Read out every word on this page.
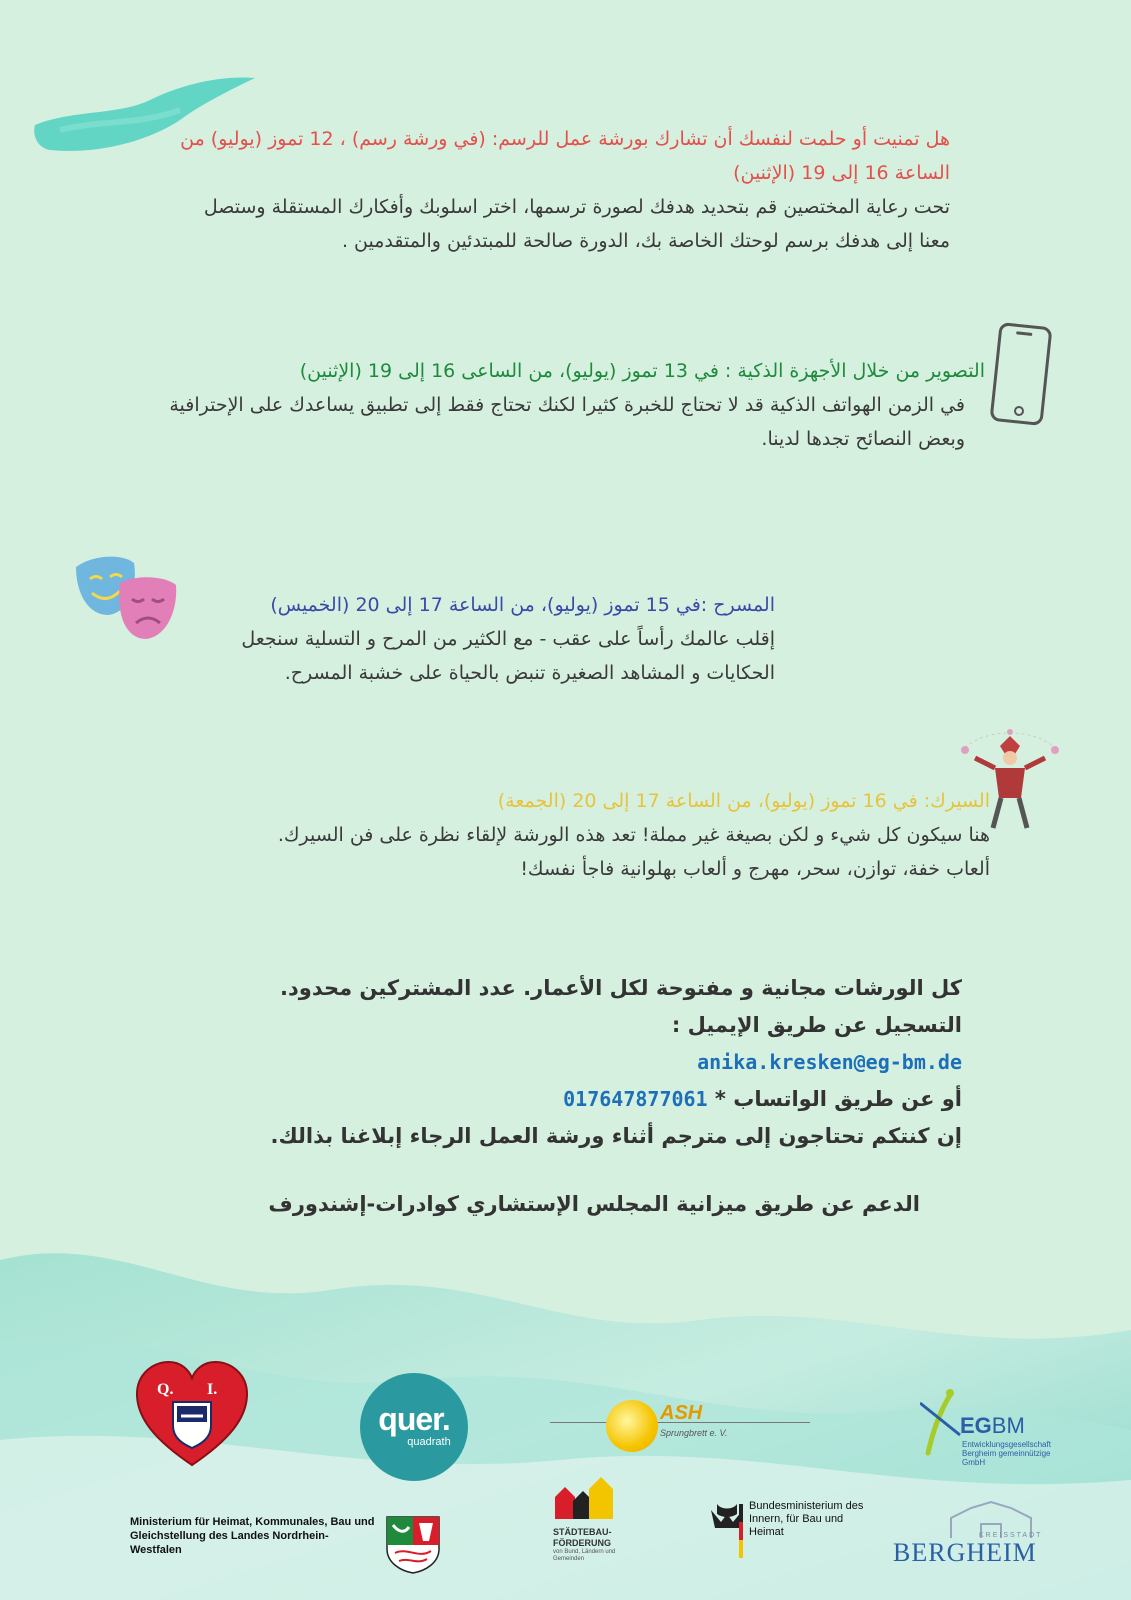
هل تمنيت أو حلمت لنفسك أن تشارك بورشة عمل للرسم: (في ورشة رسم) ، 12 تموز (يوليو) من الساعة 16 إلى 19 (الإثنين)
تحت رعاية المختصين قم بتحديد هدفك لصورة ترسمها، اختر اسلوبك وأفكارك المستقلة وستصل معنا إلى هدفك برسم لوحتك الخاصة بك، الدورة صالحة للمبتدئين والمتقدمين .
التصوير من خلال الأجهزة الذكية : في 13 تموز (يوليو)، من الساعى 16 إلى 19 (الإثنين)
في الزمن الهواتف الذكية قد لا تحتاج للخبرة كثيرا لكنك تحتاج فقط إلى تطبيق يساعدك على الإحترافية وبعض النصائح تجدها لدينا.
المسرح :في 15 تموز (يوليو)، من الساعة 17 إلى 20 (الخميس)
إقلب عالمك رأساً على عقب - مع الكثير من المرح و التسلية سنجعل الحكايات و المشاهد الصغيرة تنبض بالحياة على خشبة المسرح.
السيرك: في 16 تموز (يوليو)، من الساعة 17 إلى 20 (الجمعة)
هنا سيكون كل شيء و لكن بصيغة غير مملة! تعد هذه الورشة لإلقاء نظرة على فن السيرك. ألعاب خفة، توازن، سحر، مهرج و ألعاب بهلوانية فاجأ نفسك!
كل الورشات مجانية و مفتوحة لكل الأعمار. عدد المشتركين محدود.
التسجيل عن طريق الإيميل :
anika.kresken@eg-bm.de
أو عن طريق الواتساب * 017647877061
إن كنتكم تحتاجون إلى مترجم أثناء ورشة العمل الرجاء إبلاغنا بذالك.
الدعم عن طريق ميزانية المجلس الإستشاري كوادرات-إشندورف
Q. I.
quer.
quadrath
ASH
Sprungbrett e. V.	EGBM
Entwicklungsgesellschaft Bergheim gemeinnützige GmbH
Ministerium für Heimat, Kommunales, Bau und Gleichstellung des Landes Nordrhein-Westfalen
STÄDTEBAU- FÖRDERUNG
von Bund, Ländern und Gemeinden
Bundesministerium des Innern, für Bau und Heimat	KREISSTADT
BERGHEIM
